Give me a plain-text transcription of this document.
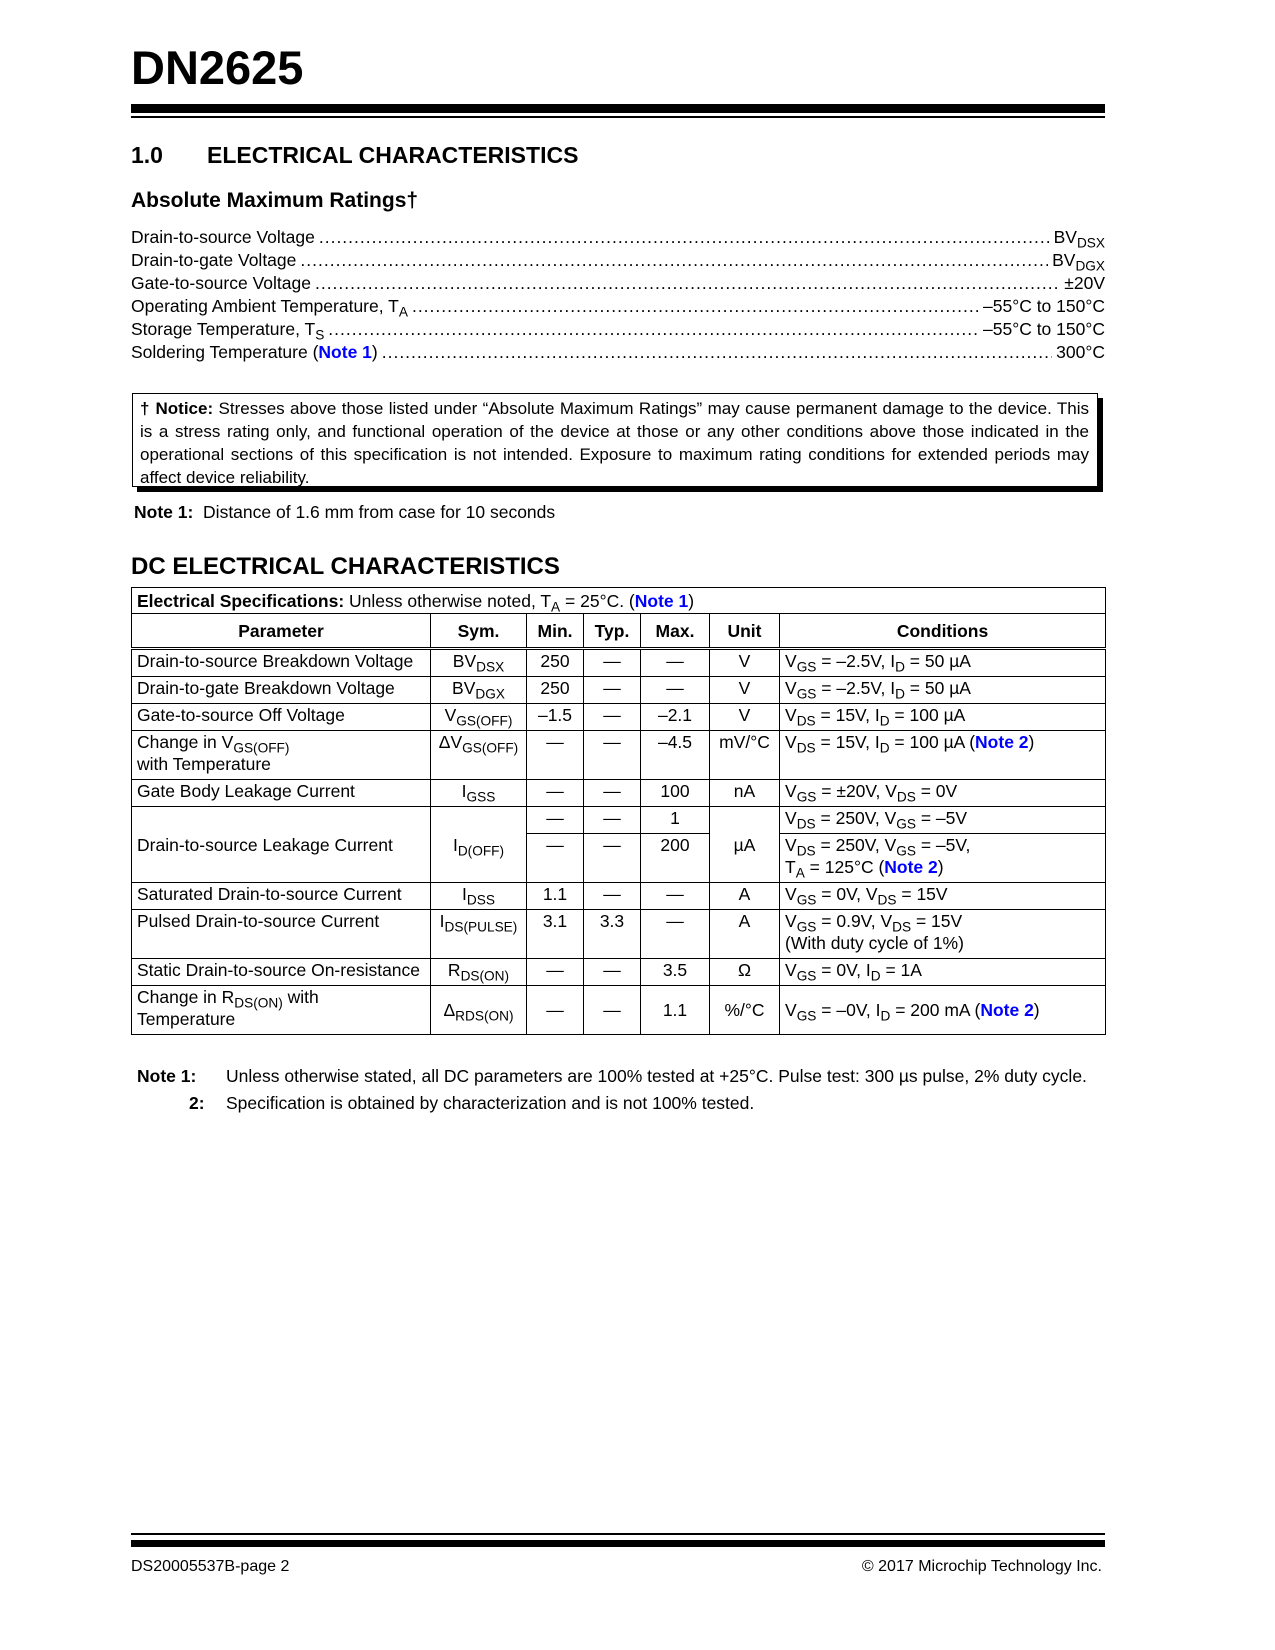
DN2625
1.0 ELECTRICAL CHARACTERISTICS
Absolute Maximum Ratings†
Drain-to-source Voltage .....	$BV_{DSX}$
Drain-to-gate Voltage .....	$BV_{DGX}$
Gate-to-source Voltage .....	±20V
Operating Ambient Temperature, $T_A$ .....	–55°C to 150°C
Storage Temperature, $T_S$ .....	–55°C to 150°C
Soldering Temperature (Note 1) .....	300°C
† Notice: Stresses above those listed under “Absolute Maximum Ratings” may cause permanent damage to the device. This is a stress rating only, and functional operation of the device at those or any other conditions above those indicated in the operational sections of this specification is not intended. Exposure to maximum rating conditions for extended periods may affect device reliability.
Note 1: Distance of 1.6 mm from case for 10 seconds
DC ELECTRICAL CHARACTERISTICS
Electrical Specifications: Unless otherwise noted, $T_A = 25^\circ C$. (Note 1)						
Parameter	Sym.	Min.	Typ.	Max.	Unit	Conditions
Drain-to-source Breakdown Voltage	$BV_{DSX}$	250	—	—	V	$V_{GS} = -2.5V$, $I_D = 50$ µA
Drain-to-gate Breakdown Voltage	$BV_{DGX}$	250	—	—	V	$V_{GS} = -2.5V$, $I_D = 50$ µA
Gate-to-source Off Voltage	$V_{GS(OFF)}$	–1.5	—	–2.1	V	$V_{DS} = 15V$, $I_D = 100$ µA
Change in $V_{GS(OFF)}$
with Temperature	$\Delta V_{GS(OFF)}$	—	—	–4.5	mV/°C	$V_{DS} = 15V$, $I_D = 100$ µA (Note 2)
Gate Body Leakage Current	$I_{GSS}$	—	—	100	nA	$V_{GS} = \pm 20V$, $V_{DS} = 0V$
Drain-to-source Leakage Current	$I_{D(OFF)}$	—	—	1	µA	$V_{DS} = 250V$, $V_{GS} = -5V$
		—	—	200		$V_{DS} = 250V$, $V_{GS} = -5V$,
$T_A = 125^\circ C$ (Note 2)
Saturated Drain-to-source Current	$I_{DSS}$	1.1	—	—	A	$V_{GS} = 0V$, $V_{DS} = 15V$
Pulsed Drain-to-source Current	$I_{DS(PULSE)}$	3.1	3.3	—	A	$V_{GS} = 0.9V$, $V_{DS} = 15V$
(With duty cycle of 1%)
Static Drain-to-source On-resistance	$R_{DS(ON)}$	—	—	3.5	Ω	$V_{GS} = 0V$, $I_D = 1A$
Change in $R_{DS(ON)}$ with
Temperature	$\Delta_{RDS(ON)}$	—	—	1.1	%/°C	$V_{GS} = -0V$, $I_D = 200$ mA (Note 2)
Note 1:	Unless otherwise stated, all DC parameters are 100% tested at +25°C. Pulse test: 300 µs pulse, 2% duty cycle.
2:	Specification is obtained by characterization and is not 100% tested.
DS20005537B-page 2	© 2017 Microchip Technology Inc.
